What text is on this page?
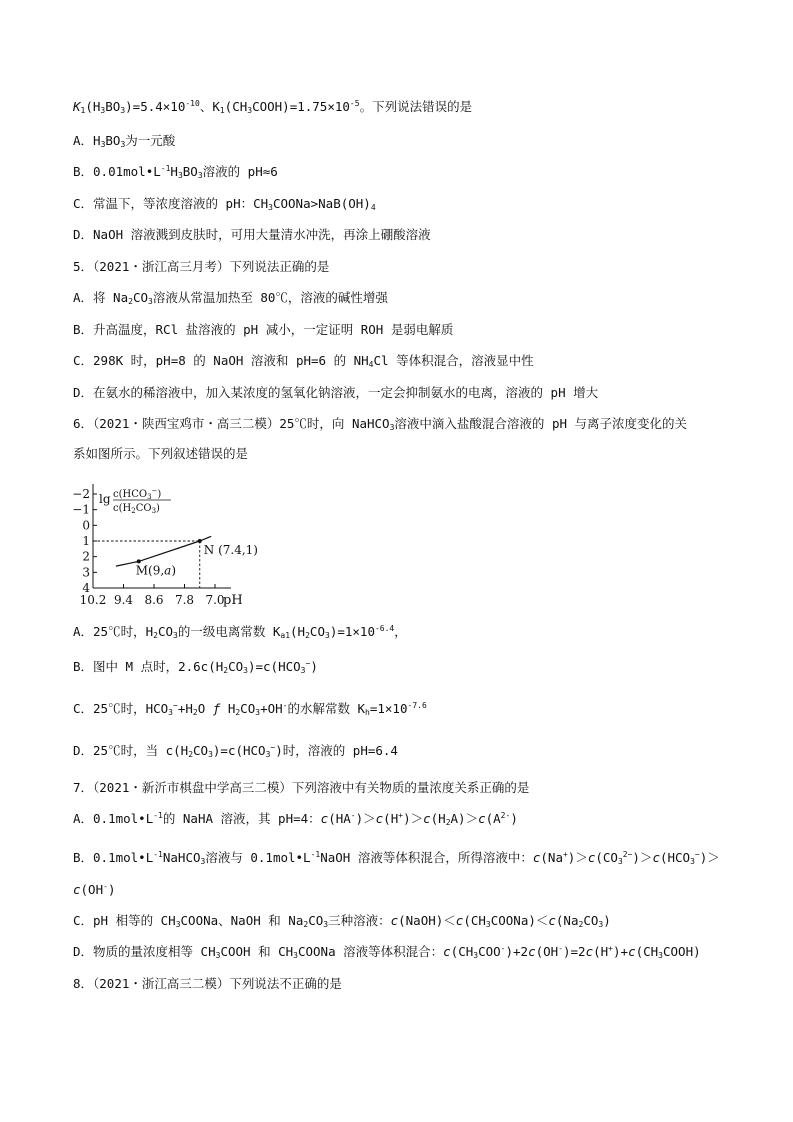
$K_1(H_3BO_3)=5.4\times 10^{-10}$、$K_1(CH_3COOH)=1.75\times 10^{-5}$。下列说法错误的是
A．$H_3BO_3$为一元酸
B．$0.01mol•L^{-1}H_3BO_3$溶液的 pH≈6
C．常温下，等浓度溶液的 pH：$CH_3COONa>NaB(OH)_4$
D．NaOH 溶液溅到皮肤时，可用大量清水冲洗，再涂上硼酸溶液
5．（2021・浙江高三月考）下列说法正确的是
A．将 $Na_2CO_3$溶液从常温加热至 80℃，溶液的碱性增强
B．升高温度，RCl 盐溶液的 pH 减小，一定证明 ROH 是弱电解质
C．298K 时，pH=8 的 NaOH 溶液和 pH=6 的 $NH_4Cl$ 等体积混合，溶液显中性
D．在氨水的稀溶液中，加入某浓度的氢氧化钠溶液，一定会抑制氨水的电离，溶液的 pH 增大
6．（2021・陕西宝鸡市・高三二模）25℃时，向 NaHCO$_3$溶液中滴入盐酸混合溶液的 pH 与离子浓度变化的关
系如图所示。下列叙述错误的是
$\lg c(HCO_3^-)$
$c(H_2CO_3)$
−2
−1
0
1
2
3
4
10.2 9.4 8.6 7.8 7.0
pH
M(9,a)
N (7.4,1)
A．25℃时，$H_2CO_3$的一级电离常数 $K_{a1}(H_2CO_3)=1\times 10^{-6.4}$，
B．图中 M 点时，$2.6c(H_2CO_3)=c(HCO_3^-)$
C．25℃时，$HCO_3^-+H_2O$ ƒ $H_2CO_3+OH^-$的水解常数 $K_h=1\times 10^{-7.6}$
D．25℃时，当 $c(H_2CO_3)=c(HCO_3^-)$时，溶液的 pH=6.4
7．（2021・新沂市棋盘中学高三二模）下列溶液中有关物质的量浓度关系正确的是
A．$0.1mol•L^{-1}$的 NaHA 溶液，其 pH=4：$c(HA^-)>c(H^+)>c(H_2A)>c(A^{2-})$
B．$0.1mol•L^{-1}NaHCO_3$溶液与 $0.1mol•L^{-1}NaOH$ 溶液等体积混合，所得溶液中：$c(Na^+)>c(CO_3^{2-})>c(HCO_3^-)>$
c(OH-)
C．pH 相等的 $CH_3COONa$、NaOH 和 $Na_2CO_3$三种溶液：$c(NaOH)<c(CH_3COONa)<c(Na_2CO_3)$
D．物质的量浓度相等 $CH_3COOH$ 和 $CH_3COONa$ 溶液等体积混合：$c(CH_3COO^-)+2c(OH^-)=2c(H^+)+c(CH_3COOH)$
8．（2021・浙江高三二模）下列说法不正确的是
